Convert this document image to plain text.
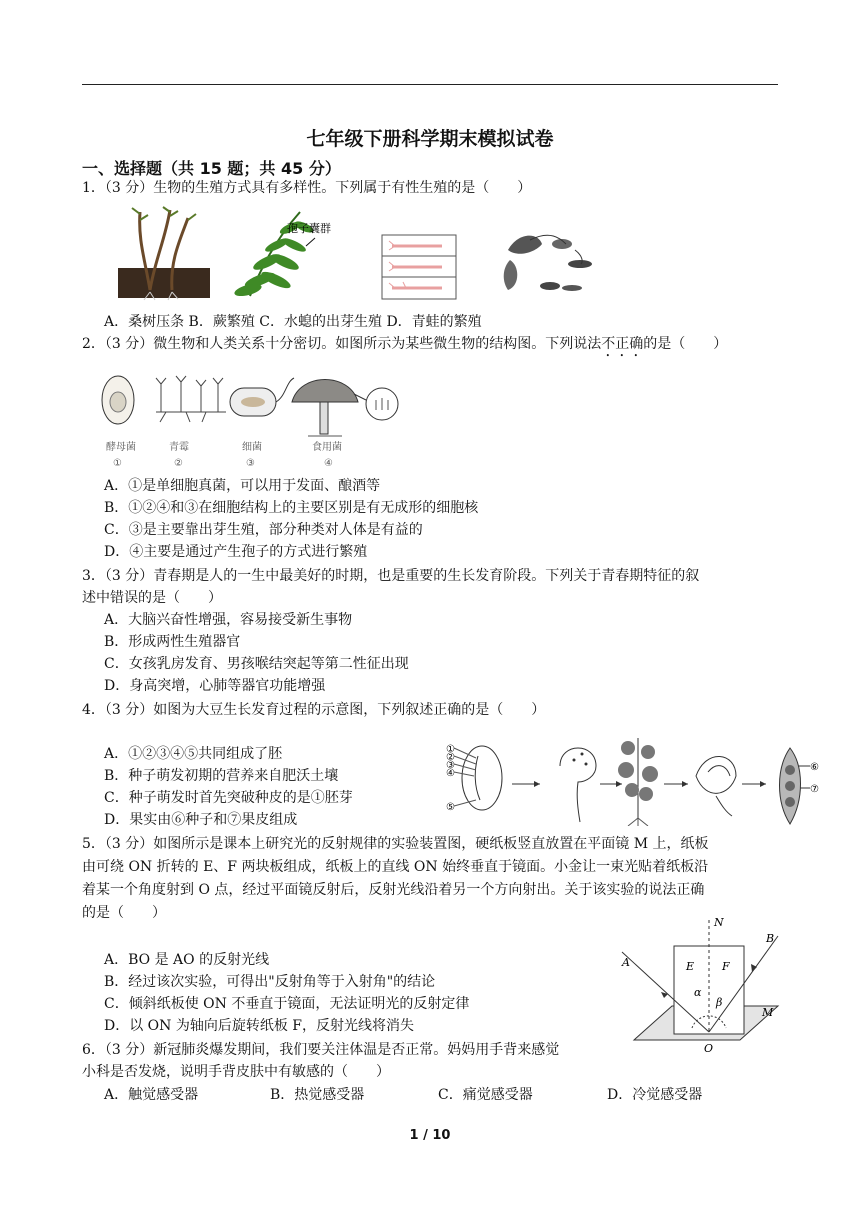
七年级下册科学期末模拟试卷
一、选择题（共 15 题；共 45 分）
1．（3 分）生物的生殖方式具有多样性。下列属于有性生殖的是（　　）
孢子囊群
A．桑树压条 B．蕨繁殖 C．水螅的出芽生殖 D．青蛙的繁殖
2．（3 分）微生物和人类关系十分密切。如图所示为某些微生物的结构图。下列说法不正确的是（　　）
酵母菌	青霉	细菌	食用菌
①	②	③	④
A．①是单细胞真菌，可以用于发面、酿酒等
B．①②④和③在细胞结构上的主要区别是有无成形的细胞核
C．③是主要靠出芽生殖，部分种类对人体是有益的
D．④主要是通过产生孢子的方式进行繁殖
3．（3 分）青春期是人的一生中最美好的时期，也是重要的生长发育阶段。下列关于青春期特征的叙
述中错误的是（　　）
A．大脑兴奋性增强，容易接受新生事物
B．形成两性生殖器官
C．女孩乳房发育、男孩喉结突起等第二性征出现
D．身高突增，心肺等器官功能增强
4．（3 分）如图为大豆生长发育过程的示意图，下列叙述正确的是（　　）
A．①②③④⑤共同组成了胚
B．种子萌发初期的营养来自肥沃土壤
C．种子萌发时首先突破种皮的是①胚芽
D．果实由⑥种子和⑦果皮组成
①
②
③
④
⑤
⑥
⑦
5．（3 分）如图所示是课本上研究光的反射规律的实验装置图，硬纸板竖直放置在平面镜 M 上，纸板
由可绕 ON 折转的 E、F 两块板组成，纸板上的直线 ON 始终垂直于镜面。小金让一束光贴着纸板沿
着某一个角度射到 O 点，经过平面镜反射后，反射光线沿着另一个方向射出。关于该实验的说法正确
的是（　　）
A．BO 是 AO 的反射光线
B．经过该次实验，可得出"反射角等于入射角"的结论
C．倾斜纸板使 ON 不垂直于镜面，无法证明光的反射定律
D．以 ON 为轴向后旋转纸板 F，反射光线将消失
N
A
B
E	F
α
β
M
O
6．（3 分）新冠肺炎爆发期间，我们要关注体温是否正常。妈妈用手背来感觉
小科是否发烧，说明手背皮肤中有敏感的（　　）
A．触觉感受器	B．热觉感受器	C．痛觉感受器	D．冷觉感受器
1 / 10
